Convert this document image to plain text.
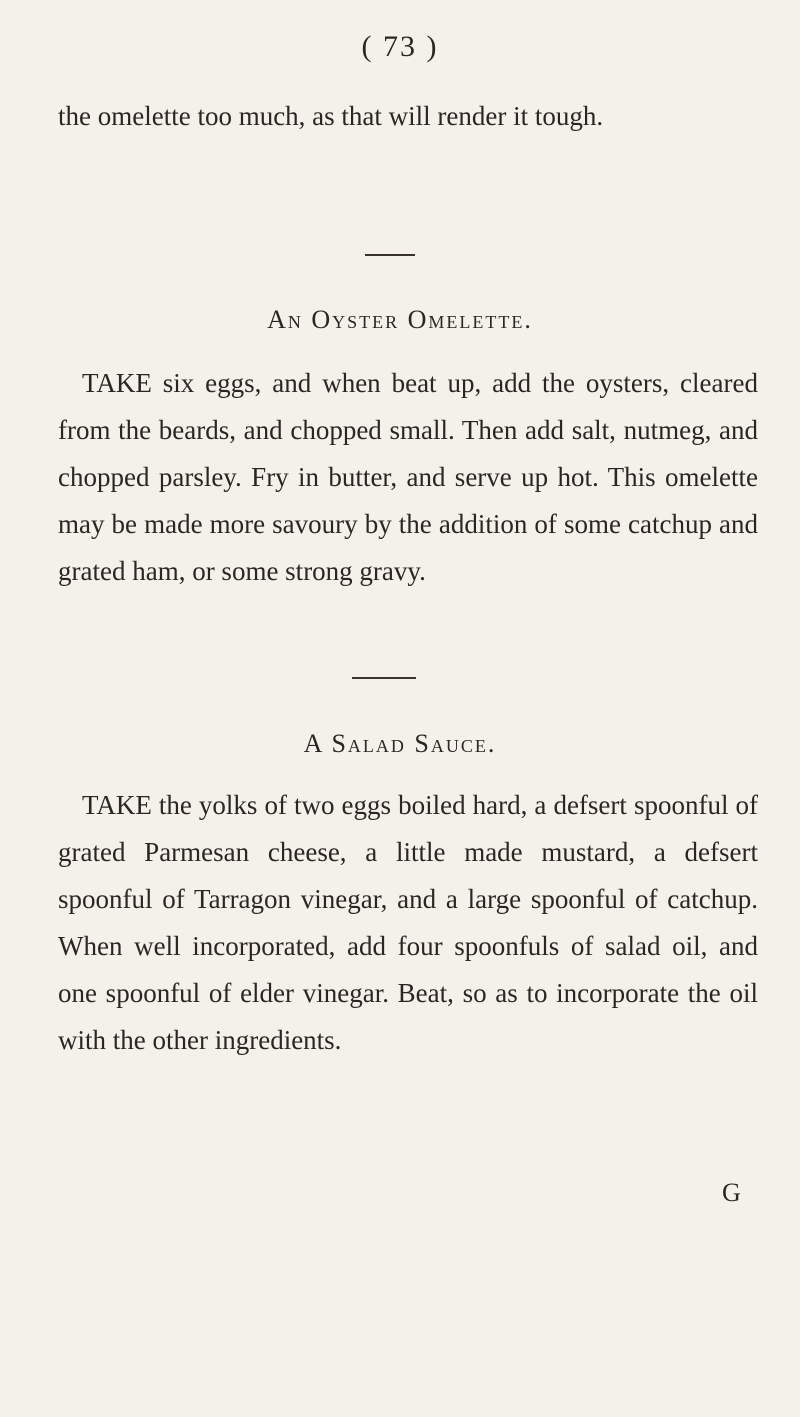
( 73 )

the omelette too much, as that will render it tough.

An Oyster Omelette.

TAKE six eggs, and when beat up, add the oysters, cleared from the beards, and chopped small. Then add salt, nutmeg, and chopped parsley. Fry in butter, and serve up hot. This omelette may be made more savoury by the addition of some catchup and grated ham, or some strong gravy.

A Salad Sauce.

TAKE the yolks of two eggs boiled hard, a defsert spoonful of grated Parmesan cheese, a little made mustard, a defsert spoonful of Tarragon vinegar, and a large spoonful of catchup. When well incorporated, add four spoonfuls of salad oil, and one spoonful of elder vinegar. Beat, so as to incorporate the oil with the other ingredients.

G
